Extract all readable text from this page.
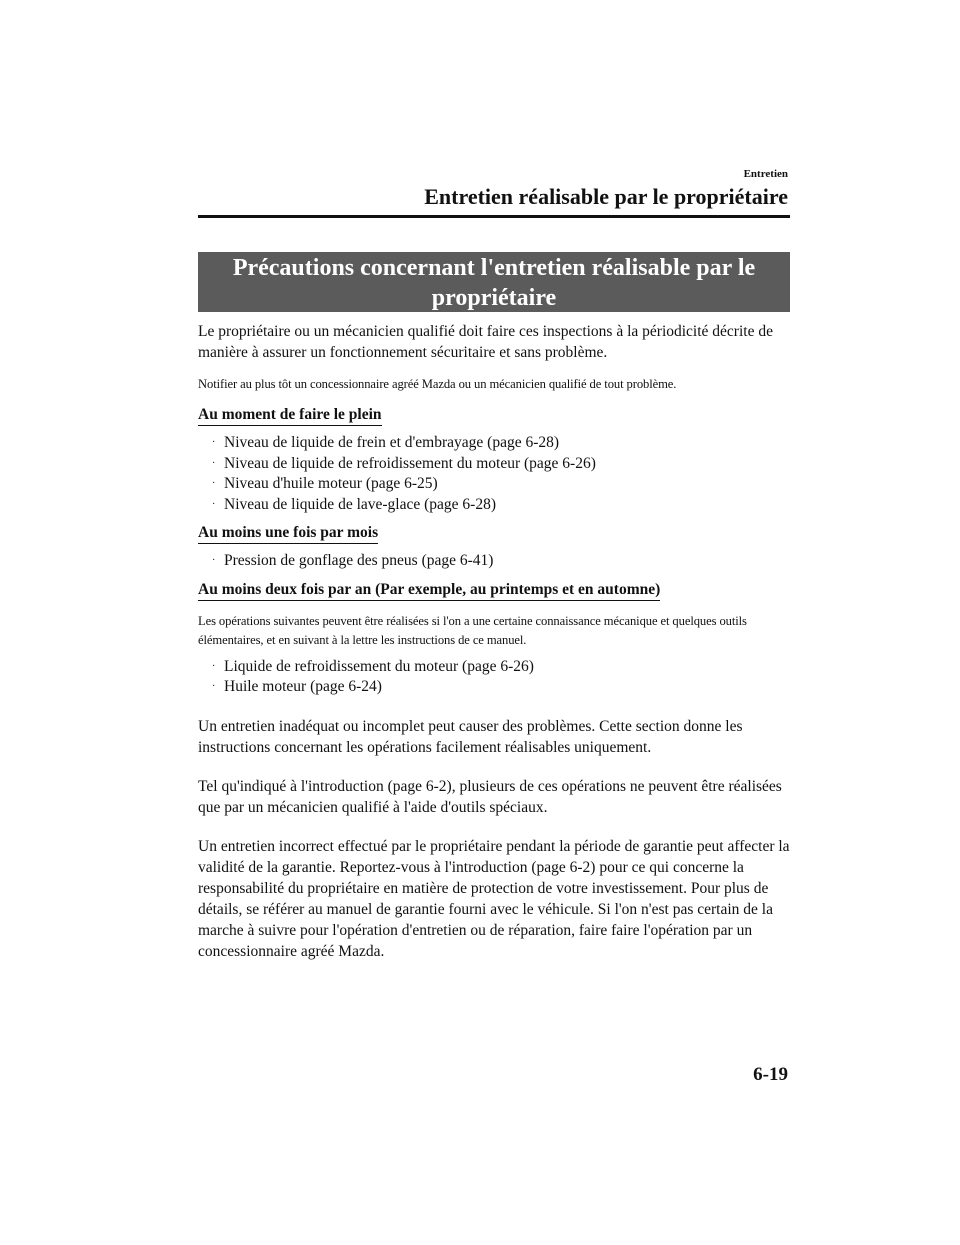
Entretien
Entretien réalisable par le propriétaire
Précautions concernant l'entretien réalisable par le
propriétaire

Le propriétaire ou un mécanicien qualifié doit faire ces inspections à la périodicité décrite de manière à assurer un fonctionnement sécuritaire et sans problème.

Notifier au plus tôt un concessionnaire agréé Mazda ou un mécanicien qualifié de tout problème.

Au moment de faire le plein
· Niveau de liquide de frein et d'embrayage (page 6-28)
· Niveau de liquide de refroidissement du moteur (page 6-26)
· Niveau d'huile moteur (page 6-25)
· Niveau de liquide de lave-glace (page 6-28)
Au moins une fois par mois
· Pression de gonflage des pneus (page 6-41)
Au moins deux fois par an (Par exemple, au printemps et en automne)

Les opérations suivantes peuvent être réalisées si l'on a une certaine connaissance mécanique et quelques outils élémentaires, et en suivant à la lettre les instructions de ce manuel.

· Liquide de refroidissement du moteur (page 6-26)
· Huile moteur (page 6-24)

Un entretien inadéquat ou incomplet peut causer des problèmes. Cette section donne les instructions concernant les opérations facilement réalisables uniquement.

Tel qu'indiqué à l'introduction (page 6-2), plusieurs de ces opérations ne peuvent être réalisées que par un mécanicien qualifié à l'aide d'outils spéciaux.

Un entretien incorrect effectué par le propriétaire pendant la période de garantie peut affecter la validité de la garantie. Reportez-vous à l'introduction (page 6-2) pour ce qui concerne la responsabilité du propriétaire en matière de protection de votre investissement. Pour plus de détails, se référer au manuel de garantie fourni avec le véhicule. Si l'on n'est pas certain de la marche à suivre pour l'opération d'entretien ou de réparation, faire faire l'opération par un concessionnaire agréé Mazda.

6-19
